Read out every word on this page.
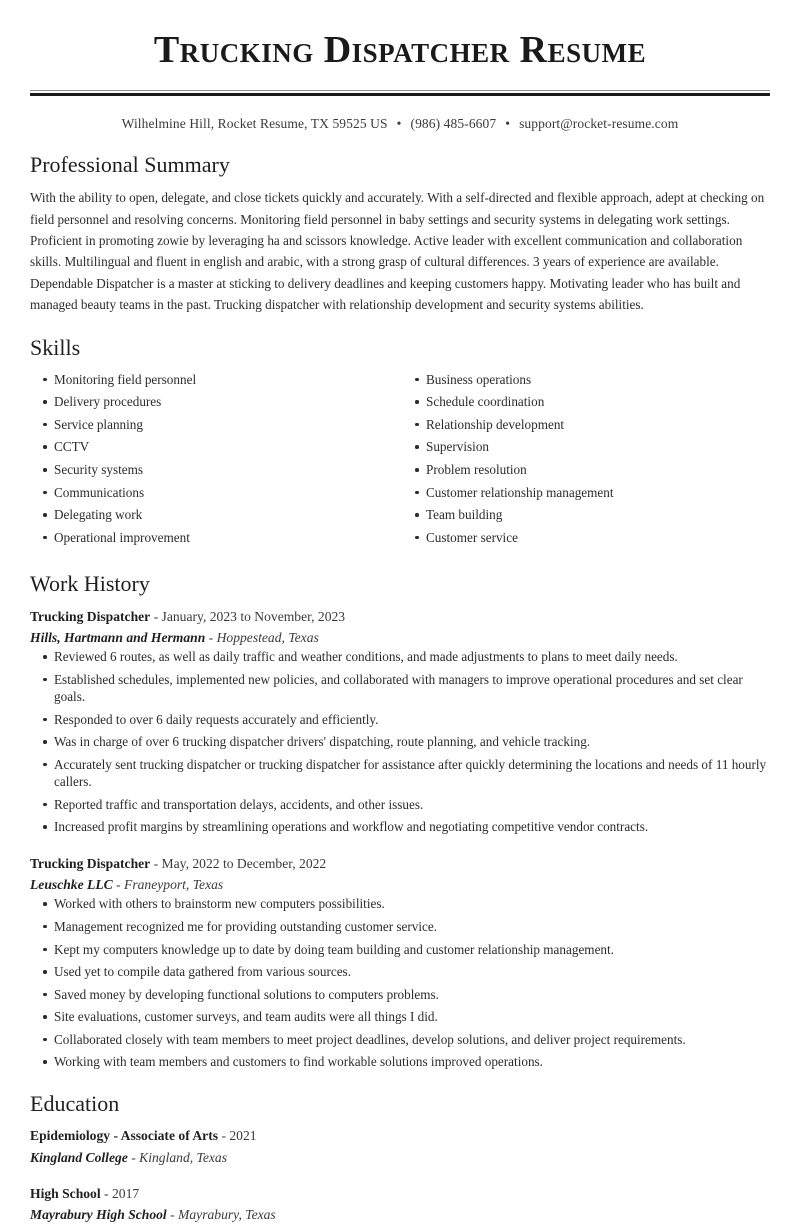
Trucking Dispatcher Resume
Wilhelmine Hill, Rocket Resume, TX 59525 US • (986) 485-6607 • support@rocket-resume.com
Professional Summary

With the ability to open, delegate, and close tickets quickly and accurately. With a self-directed and flexible approach, adept at checking on field personnel and resolving concerns. Monitoring field personnel in baby settings and security systems in delegating work settings. Proficient in promoting zowie by leveraging ha and scissors knowledge. Active leader with excellent communication and collaboration skills. Multilingual and fluent in english and arabic, with a strong grasp of cultural differences. 3 years of experience are available. Dependable Dispatcher is a master at sticking to delivery deadlines and keeping customers happy. Motivating leader who has built and managed beauty teams in the past. Trucking dispatcher with relationship development and security systems abilities.

Skills
Monitoring field personnel
Delivery procedures
Service planning
CCTV
Security systems
Communications
Delegating work
Operational improvement
Business operations
Schedule coordination
Relationship development
Supervision
Problem resolution
Customer relationship management
Team building
Customer service
Work History
Trucking Dispatcher - January, 2023 to November, 2023
Hills, Hartmann and Hermann - Hoppestead, Texas
Reviewed 6 routes, as well as daily traffic and weather conditions, and made adjustments to plans to meet daily needs.
Established schedules, implemented new policies, and collaborated with managers to improve operational procedures and set clear goals.
Responded to over 6 daily requests accurately and efficiently.
Was in charge of over 6 trucking dispatcher drivers' dispatching, route planning, and vehicle tracking.
Accurately sent trucking dispatcher or trucking dispatcher for assistance after quickly determining the locations and needs of 11 hourly callers.
Reported traffic and transportation delays, accidents, and other issues.
Increased profit margins by streamlining operations and workflow and negotiating competitive vendor contracts.
Trucking Dispatcher - May, 2022 to December, 2022
Leuschke LLC - Franeyport, Texas
Worked with others to brainstorm new computers possibilities.
Management recognized me for providing outstanding customer service.
Kept my computers knowledge up to date by doing team building and customer relationship management.
Used yet to compile data gathered from various sources.
Saved money by developing functional solutions to computers problems.
Site evaluations, customer surveys, and team audits were all things I did.
Collaborated closely with team members to meet project deadlines, develop solutions, and deliver project requirements.
Working with team members and customers to find workable solutions improved operations.
Education
Epidemiology - Associate of Arts - 2021
Kingland College - Kingland, Texas
High School - 2017
Mayrabury High School - Mayrabury, Texas
